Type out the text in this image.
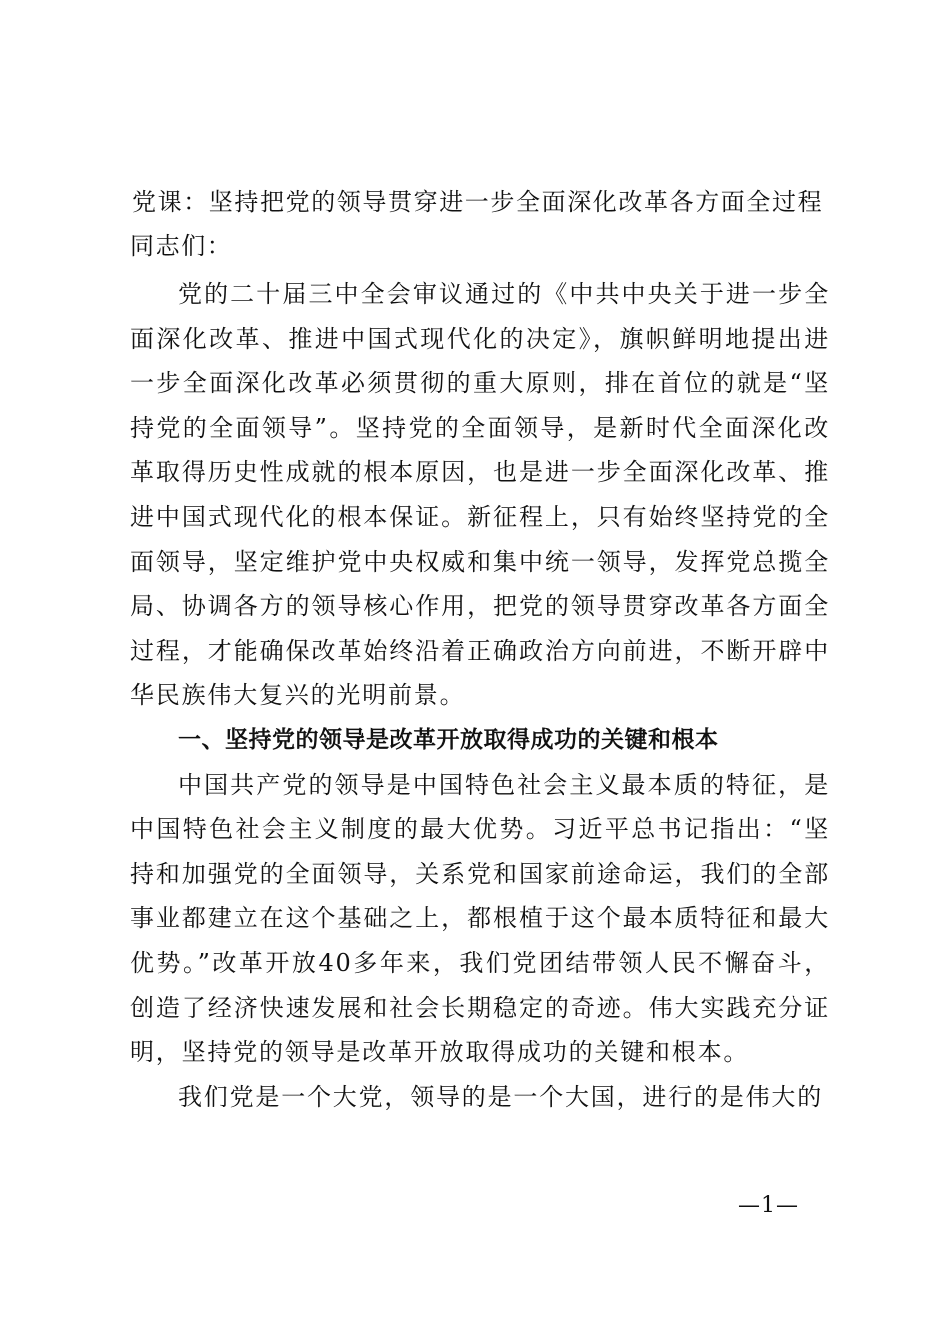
党课：坚持把党的领导贯穿进一步全面深化改革各方面全过程
同志们：

党的二十届三中全会审议通过的《中共中央关于进一步全面深化改革、推进中国式现代化的决定》，旗帜鲜明地提出进一步全面深化改革必须贯彻的重大原则，排在首位的就是“坚持党的全面领导”。坚持党的全面领导，是新时代全面深化改革取得历史性成就的根本原因，也是进一步全面深化改革、推进中国式现代化的根本保证。新征程上，只有始终坚持党的全面领导，坚定维护党中央权威和集中统一领导，发挥党总揽全局、协调各方的领导核心作用，把党的领导贯穿改革各方面全过程，才能确保改革始终沿着正确政治方向前进，不断开辟中华民族伟大复兴的光明前景。

一、坚持党的领导是改革开放取得成功的关键和根本

中国共产党的领导是中国特色社会主义最本质的特征，是中国特色社会主义制度的最大优势。习近平总书记指出：“坚持和加强党的全面领导，关系党和国家前途命运，我们的全部事业都建立在这个基础之上，都根植于这个最本质特征和最大优势。”改革开放40多年来，我们党团结带领人民不懈奋斗，创造了经济快速发展和社会长期稳定的奇迹。伟大实践充分证明，坚持党的领导是改革开放取得成功的关键和根本。

我们党是一个大党，领导的是一个大国，进行的是伟大的

—1—
